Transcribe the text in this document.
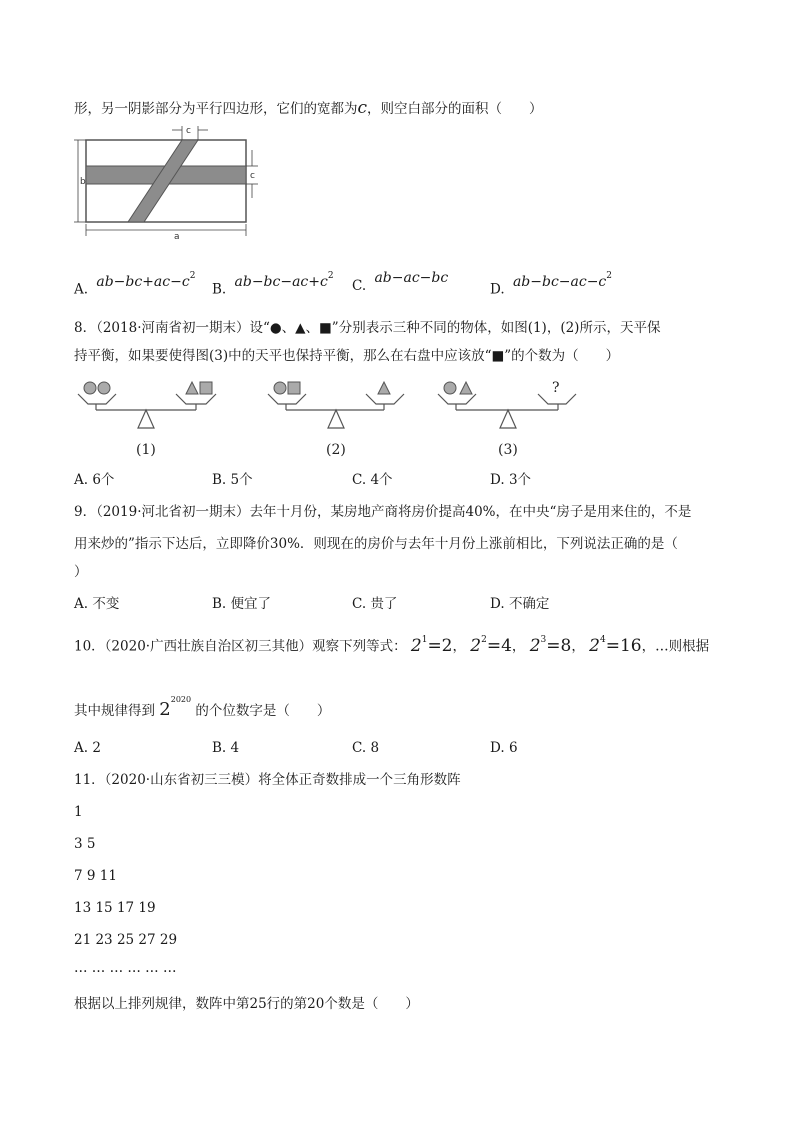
形，另一阴影部分为平行四边形，它们的宽都为c，则空白部分的面积（　　）
c
b
c
a
A. $ab-bc+ac-c^2$
B. $ab-bc-ac+c^2$
C. ab−ac−bc
D. $ab-bc-ac-c^2$
8．（2018·河南省初一期末）设“●、▲、■”分别表示三种不同的物体，如图(1)，(2)所示，天平保
持平衡，如果要使得图(3)中的天平也保持平衡，那么在右盘中应该放“■”的个数为（　　）
(1)	(2)
?
(3)
A. 6个	B. 5个	C. 4个	D. 3个
9．（2019·河北省初一期末）去年十月份，某房地产商将房价提高40%，在中央“房子是用来住的，不是
用来炒的”指示下达后，立即降价30%．则现在的房价与去年十月份上涨前相比，下列说法正确的是（
）
A. 不变	B. 便宜了	C. 贵了	D. 不确定
10．（2020·广西壮族自治区初三其他）观察下列等式： $2^1=2$， $2^2=4$， $2^3=8$， $2^4=16$，…则根据
其中规律得到 $2^{2020}$ 的个位数字是（　　）
A. 2	B. 4	C. 8	D. 6
11．（2020·山东省初三三模）将全体正奇数排成一个三角形数阵
1
3 5
7 9 11
13 15 17 19
21 23 25 27 29
… … … … … …
根据以上排列规律，数阵中第25行的第20个数是（　　）
